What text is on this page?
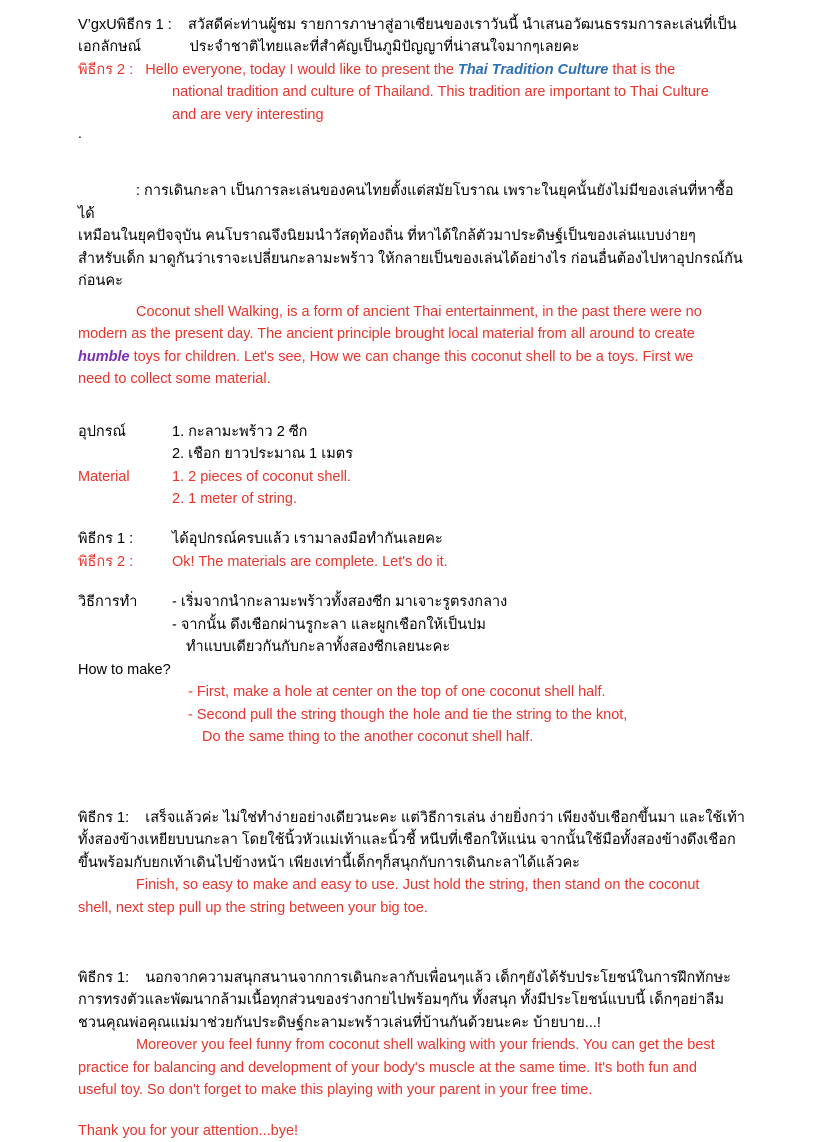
V’gxUพิธีกร 1 : สวัสดีค่ะท่านผู้ชม รายการภาษาสู่อาเซียนของเราวันนี้ นำเสนอวัฒนธรรมการละเล่นที่เป็น
เอกลักษณ์	ประจำชาติไทยและที่สำคัญเป็นภูมิปัญญาที่น่าสนใจมากๆเลยคะ
พิธีกร 2 : Hello everyone, today I would like to present the Thai Tradition Culture that is the
national tradition and culture of Thailand. This tradition are important to Thai Culture
and are very interesting
.
: การเดินกะลา เป็นการละเล่นของคนไทยตั้งแต่สมัยโบราณ เพราะในยุคนั้นยังไม่มีของเล่นที่หาซื้อได้
เหมือนในยุคปัจจุบัน คนโบราณจึงนิยมนำวัสดุท้องถิ่น ที่หาได้ใกล้ตัวมาประดิษฐ์เป็นของเล่นแบบง่ายๆ
สำหรับเด็ก มาดูกันว่าเราจะเปลี่ยนกะลามะพร้าว ให้กลายเป็นของเล่นได้อย่างไร ก่อนอื่นต้องไปหาอุปกรณ์กัน
ก่อนคะ
Coconut shell Walking, is a form of ancient Thai entertainment, in the past there were no
modern as the present day. The ancient principle brought local material from all around to create
humble toys for children. Let's see, How we can change this coconut shell to be a toys. First we
need to collect some material.
อุปกรณ์	1. กะลามะพร้าว 2 ซีก
2. เชือก ยาวประมาณ 1 เมตร
Material	1. 2 pieces of coconut shell.
2. 1 meter of string.
พิธีกร 1 :	ได้อุปกรณ์ครบแล้ว เรามาลงมือทำกันเลยคะ
พิธีกร 2 :	Ok! The materials are complete. Let's do it.
วิธีการทำ	- เริ่มจากนำกะลามะพร้าวทั้งสองซีก มาเจาะรูตรงกลาง
- จากนั้น ดึงเชือกผ่านรูกะลา และผูกเชือกให้เป็นปม
ทำแบบเดียวกันกับกะลาทั้งสองซีกเลยนะคะ
How to make?
- First, make a hole at center on the top of one coconut shell half.
- Second pull the string though the hole and tie the string to the knot,
Do the same thing to the another coconut shell half.
พิธีกร 1: เสร็จแล้วค่ะ ไม่ใช่ทำง่ายอย่างเดียวนะคะ แต่วิธีการเล่น ง่ายยิ่งกว่า เพียงจับเชือกขึ้นมา และใช้เท้า
ทั้งสองข้างเหยียบบนกะลา โดยใช้นิ้วหัวแม่เท้าและนิ้วชี้ หนีบที่เชือกให้แน่น จากนั้นใช้มือทั้งสองข้างดึงเชือก
ขึ้นพร้อมกับยกเท้าเดินไปข้างหน้า เพียงเท่านี้เด็กๆก็สนุกกับการเดินกะลาได้แล้วคะ
Finish, so easy to make and easy to use. Just hold the string, then stand on the coconut
shell, next step pull up the string between your big toe.
พิธีกร 1: นอกจากความสนุกสนานจากการเดินกะลากับเพื่อนๆแล้ว เด็กๆยังได้รับประโยชน์ในการฝึกทักษะ
การทรงตัวและพัฒนากล้ามเนื้อทุกส่วนของร่างกายไปพร้อมๆกัน ทั้งสนุก ทั้งมีประโยชน์แบบนี้ เด็กๆอย่าลืม
ชวนคุณพ่อคุณแม่มาช่วยกันประดิษฐ์กะลามะพร้าวเล่นที่บ้านกันด้วยนะคะ บ้ายบาย...!
Moreover you feel funny from coconut shell walking with your friends. You can get the best
practice for balancing and development of your body's muscle at the same time. It's both fun and
useful toy. So don't forget to make this playing with your parent in your free time.
Thank you for your attention...bye!
